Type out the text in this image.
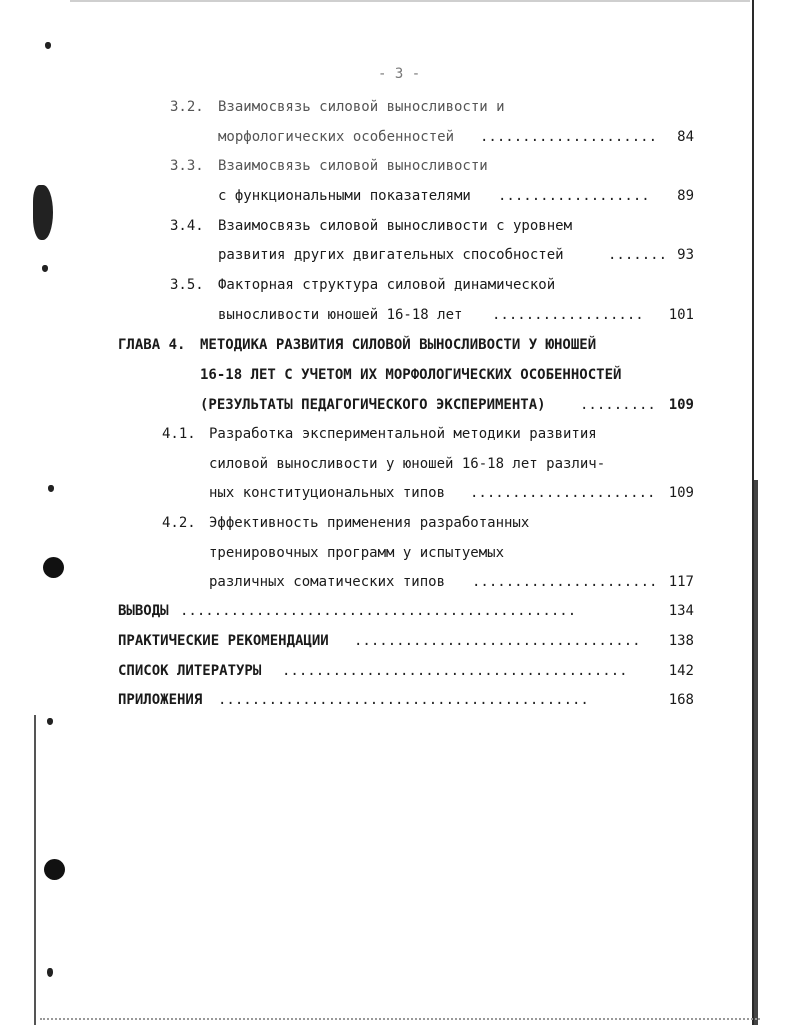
- 3 -
3.2. Взаимосвязь силовой выносливости и
морфологических особенностей .....................	84
3.3. Взаимосвязь силовой выносливости
с функциональными показателями ..................	89
3.4. Взаимосвязь силовой выносливости с уровнем
развития других двигательных способностей	....... 93
3.5. Факторная структура силовой динамической
выносливости юношей 16-18 лет ..................	101
ГЛАВА 4. МЕТОДИКА РАЗВИТИЯ СИЛОВОЙ ВЫНОСЛИВОСТИ У ЮНОШЕЙ
16-18 ЛЕТ С УЧЕТОМ ИХ МОРФОЛОГИЧЕСКИХ ОСОБЕННОСТЕЙ
(РЕЗУЛЬТАТЫ ПЕДАГОГИЧЕСКОГО ЭКСПЕРИМЕНТА) ......... 109
4.1. Разработка экспериментальной методики развития
силовой выносливости у юношей 16-18 лет различ-
ных конституциональных типов ...................... 109
4.2. Эффективность применения разработанных
тренировочных программ у испытуемых
различных соматических типов ...................... 117
ВЫВОДЫ ...............................................	134
ПРАКТИЧЕСКИЕ РЕКОМЕНДАЦИИ ..................................	138
СПИСОК ЛИТЕРАТУРЫ .........................................	142
ПРИЛОЖЕНИЯ ............................................	168
